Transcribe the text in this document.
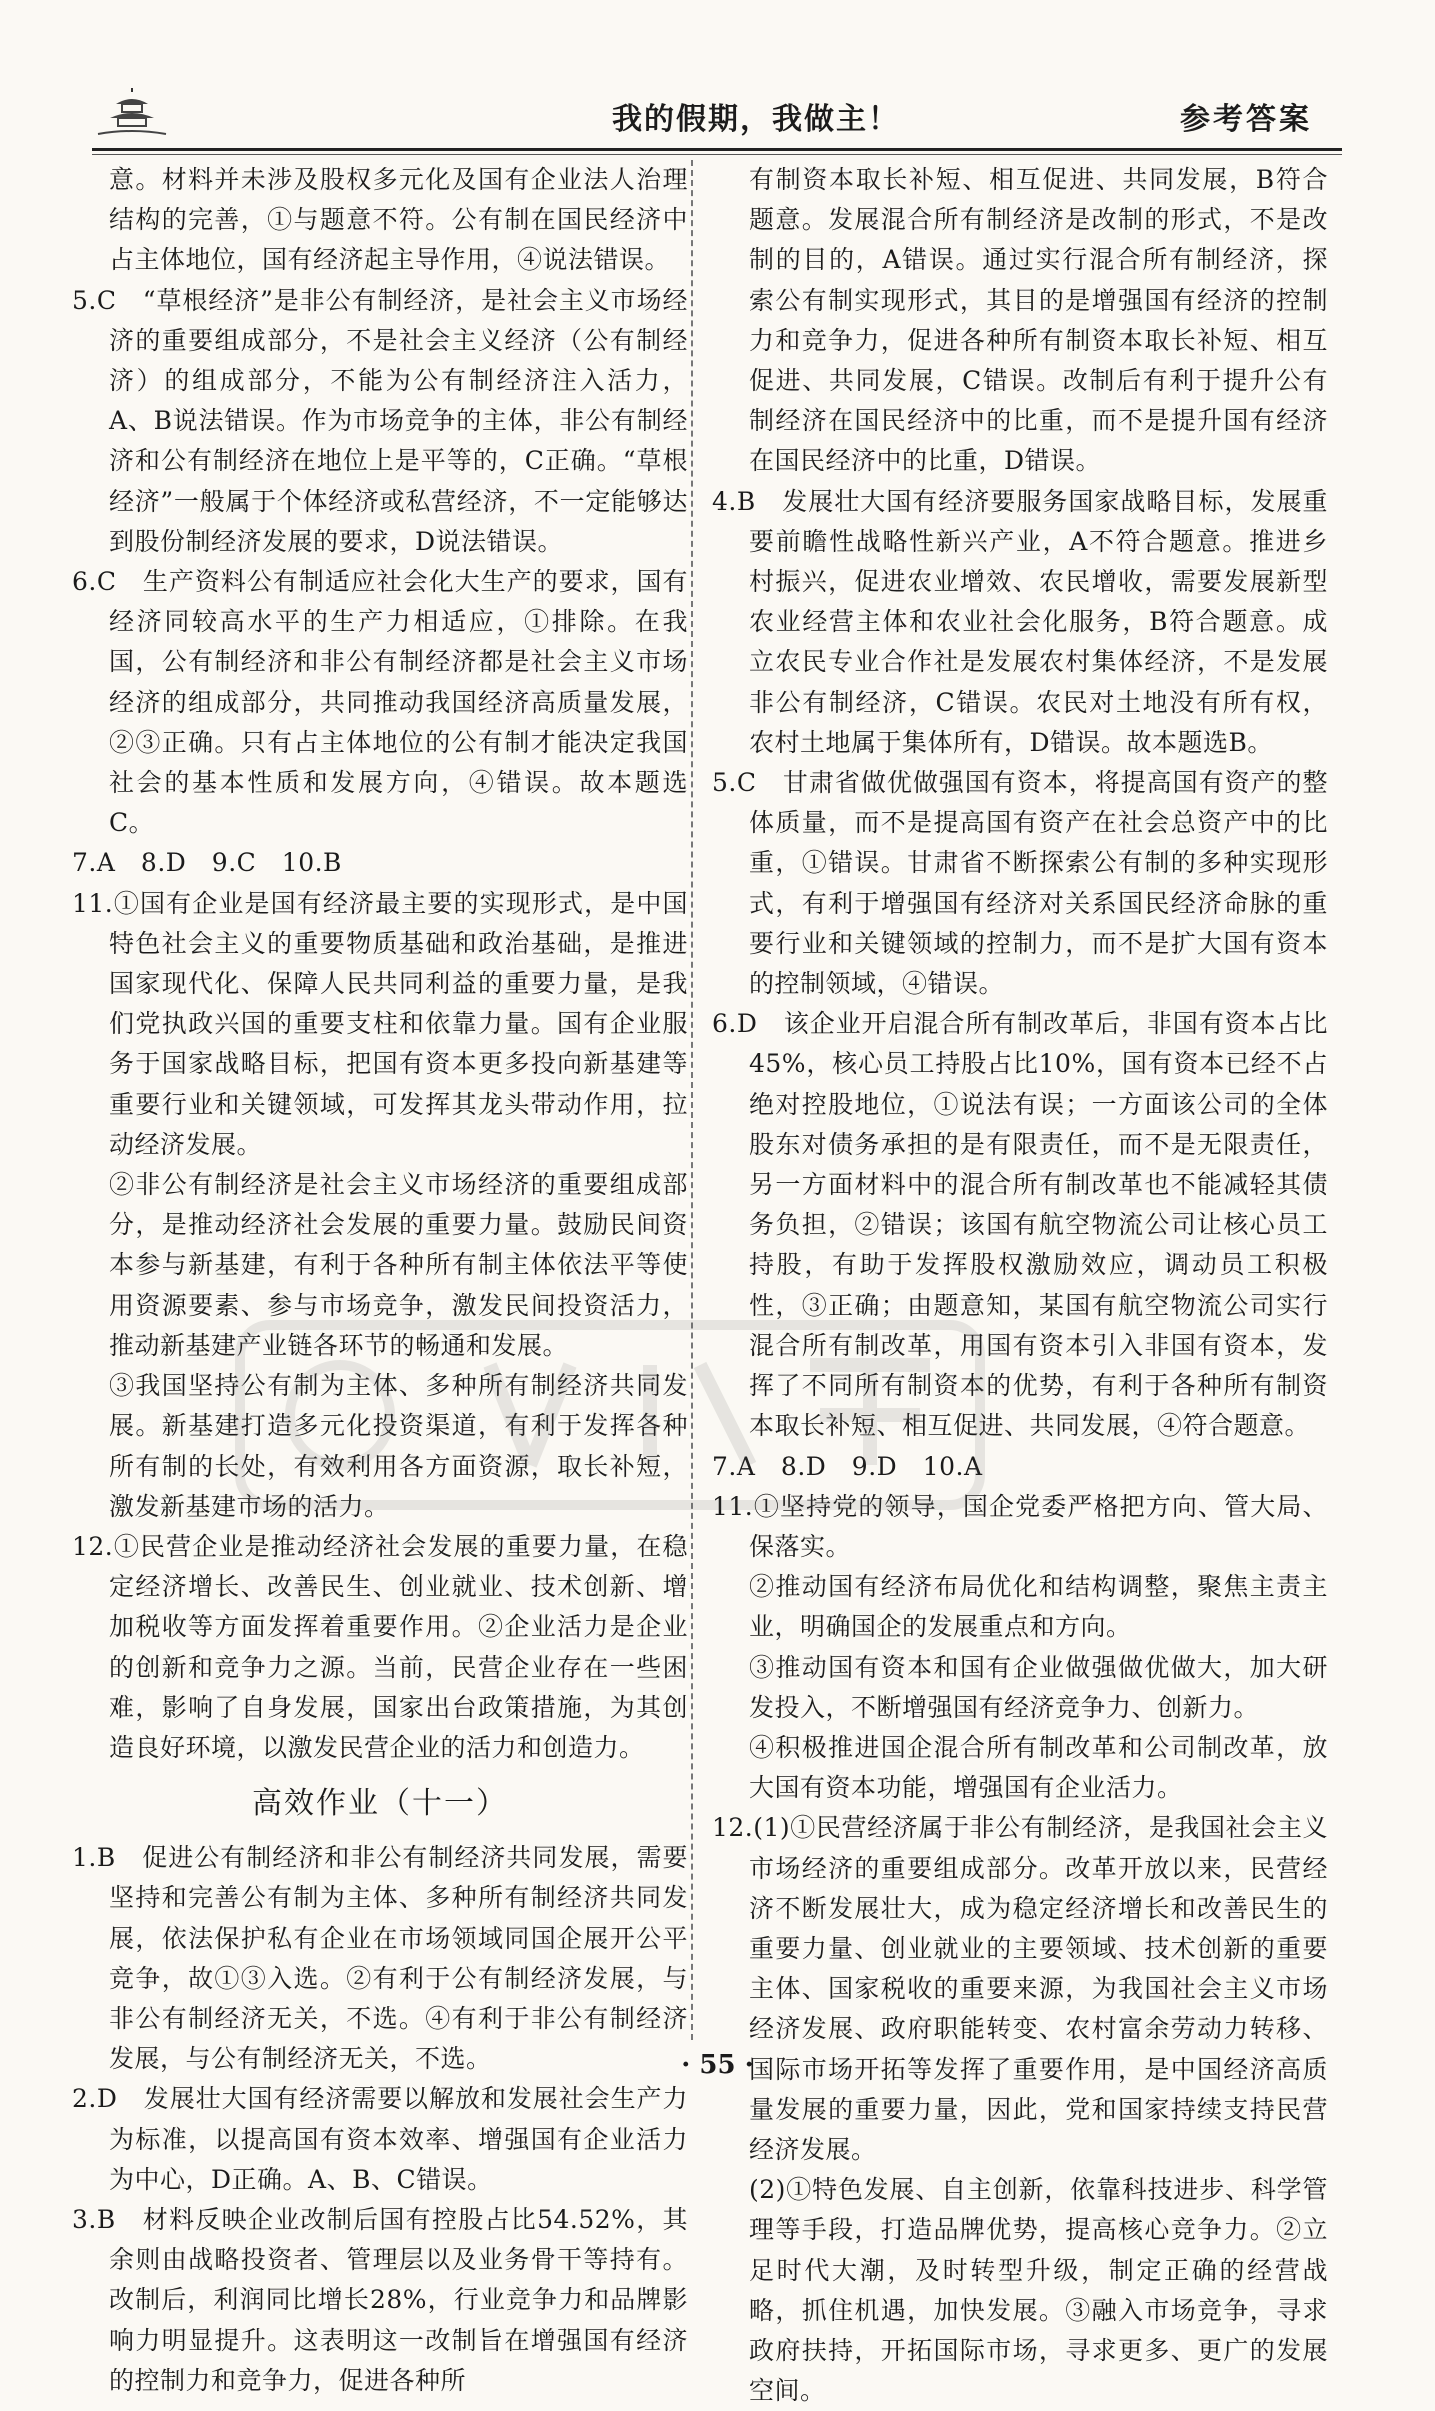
我的假期，我做主！	参考答案

意。材料并未涉及股权多元化及国有企业法人治理结构的完善，①与题意不符。公有制在国民经济中占主体地位，国有经济起主导作用，④说法错误。

5.C　“草根经济”是非公有制经济，是社会主义市场经济的重要组成部分，不是社会主义经济（公有制经济）的组成部分，不能为公有制经济注入活力，A、B说法错误。作为市场竞争的主体，非公有制经济和公有制经济在地位上是平等的，C正确。“草根经济”一般属于个体经济或私营经济，不一定能够达到股份制经济发展的要求，D说法错误。

6.C　生产资料公有制适应社会化大生产的要求，国有经济同较高水平的生产力相适应，①排除。在我国，公有制经济和非公有制经济都是社会主义市场经济的组成部分，共同推动我国经济高质量发展，②③正确。只有占主体地位的公有制才能决定我国社会的基本性质和发展方向，④错误。故本题选C。

7.A　8.D　9.C　10.B

11.①国有企业是国有经济最主要的实现形式，是中国特色社会主义的重要物质基础和政治基础，是推进国家现代化、保障人民共同利益的重要力量，是我们党执政兴国的重要支柱和依靠力量。国有企业服务于国家战略目标，把国有资本更多投向新基建等重要行业和关键领域，可发挥其龙头带动作用，拉动经济发展。

②非公有制经济是社会主义市场经济的重要组成部分，是推动经济社会发展的重要力量。鼓励民间资本参与新基建，有利于各种所有制主体依法平等使用资源要素、参与市场竞争，激发民间投资活力，推动新基建产业链各环节的畅通和发展。

③我国坚持公有制为主体、多种所有制经济共同发展。新基建打造多元化投资渠道，有利于发挥各种所有制的长处，有效利用各方面资源，取长补短，激发新基建市场的活力。

12.①民营企业是推动经济社会发展的重要力量，在稳定经济增长、改善民生、创业就业、技术创新、增加税收等方面发挥着重要作用。②企业活力是企业的创新和竞争力之源。当前，民营企业存在一些困难，影响了自身发展，国家出台政策措施，为其创造良好环境，以激发民营企业的活力和创造力。

高效作业（十一）

1.B　促进公有制经济和非公有制经济共同发展，需要坚持和完善公有制为主体、多种所有制经济共同发展，依法保护私有企业在市场领域同国企展开公平竞争，故①③入选。②有利于公有制经济发展，与非公有制经济无关，不选。④有利于非公有制经济发展，与公有制经济无关，不选。

2.D　发展壮大国有经济需要以解放和发展社会生产力为标准，以提高国有资本效率、增强国有企业活力为中心，D正确。A、B、C错误。

3.B　材料反映企业改制后国有控股占比54.52%，其余则由战略投资者、管理层以及业务骨干等持有。改制后，利润同比增长28%，行业竞争力和品牌影响力明显提升。这表明这一改制旨在增强国有经济的控制力和竞争力，促进各种所

有制资本取长补短、相互促进、共同发展，B符合题意。发展混合所有制经济是改制的形式，不是改制的目的，A错误。通过实行混合所有制经济，探索公有制实现形式，其目的是增强国有经济的控制力和竞争力，促进各种所有制资本取长补短、相互促进、共同发展，C错误。改制后有利于提升公有制经济在国民经济中的比重，而不是提升国有经济在国民经济中的比重，D错误。

4.B　发展壮大国有经济要服务国家战略目标，发展重要前瞻性战略性新兴产业，A不符合题意。推进乡村振兴，促进农业增效、农民增收，需要发展新型农业经营主体和农业社会化服务，B符合题意。成立农民专业合作社是发展农村集体经济，不是发展非公有制经济，C错误。农民对土地没有所有权，农村土地属于集体所有，D错误。故本题选B。

5.C　甘肃省做优做强国有资本，将提高国有资产的整体质量，而不是提高国有资产在社会总资产中的比重，①错误。甘肃省不断探索公有制的多种实现形式，有利于增强国有经济对关系国民经济命脉的重要行业和关键领域的控制力，而不是扩大国有资本的控制领域，④错误。

6.D　该企业开启混合所有制改革后，非国有资本占比45%，核心员工持股占比10%，国有资本已经不占绝对控股地位，①说法有误；一方面该公司的全体股东对债务承担的是有限责任，而不是无限责任，另一方面材料中的混合所有制改革也不能减轻其债务负担，②错误；该国有航空物流公司让核心员工持股，有助于发挥股权激励效应，调动员工积极性，③正确；由题意知，某国有航空物流公司实行混合所有制改革，用国有资本引入非国有资本，发挥了不同所有制资本的优势，有利于各种所有制资本取长补短、相互促进、共同发展，④符合题意。

7.A　8.D　9.D　10.A

11.①坚持党的领导，国企党委严格把方向、管大局、保落实。

②推动国有经济布局优化和结构调整，聚焦主责主业，明确国企的发展重点和方向。

③推动国有资本和国有企业做强做优做大，加大研发投入，不断增强国有经济竞争力、创新力。

④积极推进国企混合所有制改革和公司制改革，放大国有资本功能，增强国有企业活力。

12.(1)①民营经济属于非公有制经济，是我国社会主义市场经济的重要组成部分。改革开放以来，民营经济不断发展壮大，成为稳定经济增长和改善民生的重要力量、创业就业的主要领域、技术创新的重要主体、国家税收的重要来源，为我国社会主义市场经济发展、政府职能转变、农村富余劳动力转移、国际市场开拓等发挥了重要作用，是中国经济高质量发展的重要力量，因此，党和国家持续支持民营经济发展。

(2)①特色发展、自主创新，依靠科技进步、科学管理等手段，打造品牌优势，提高核心竞争力。②立足时代大潮，及时转型升级，制定正确的经营战略，抓住机遇，加快发展。③融入市场竞争，寻求政府扶持，开拓国际市场，寻求更多、更广的发展空间。

· 55 ·
